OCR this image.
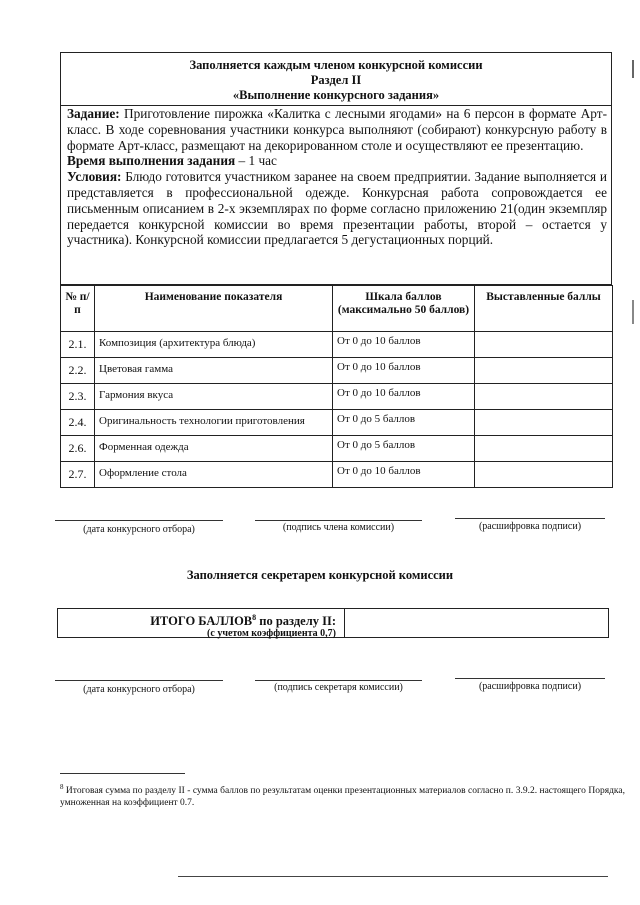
Заполняется каждым членом конкурсной комиссии
Раздел II
«Выполнение конкурсного задания»

Задание: Приготовление пирожка «Калитка с лесными ягодами» на 6 персон в формате Арт-класс. В ходе соревнования участники конкурса выполняют (собирают) конкурсную работу в формате Арт-класс, размещают на декорированном столе и осуществляют ее презентацию.

Время выполнения задания – 1 час

Условия: Блюдо готовится участником заранее на своем предприятии. Задание выполняется и представляется в профессиональной одежде. Конкурсная работа сопровождается ее письменным описанием в 2-х экземплярах по форме согласно приложению 21(один экземпляр передается конкурсной комиссии во время презентации работы, второй – остается у участника). Конкурсной комиссии предлагается 5 дегустационных порций.

№ п/п	Наименование показателя	Шкала баллов (максимально 50 баллов)	Выставленные баллы
2.1.	Композиция (архитектура блюда)	От 0 до 10 баллов	
2.2.	Цветовая гамма	От 0 до 10 баллов	
2.3.	Гармония вкуса	От 0 до 10 баллов	
2.4.	Оригинальность технологии приготовления	От 0 до 5 баллов	
2.6.	Форменная одежда	От 0 до 5 баллов	
2.7.	Оформление стола	От 0 до 10 баллов	
(дата конкурсного отбора)	(подпись члена комиссии)	(расшифровка подписи)
Заполняется секретарем конкурсной комиссии
ИТОГО БАЛЛОВ$^8$ по разделу II:
(с учетом коэффициента 0,7)
(дата конкурсного отбора)	(подпись секретаря комиссии)	(расшифровка подписи)
$^8$ Итоговая сумма по разделу II - сумма баллов по результатам оценки презентационных материалов согласно п. 3.9.2. настоящего Порядка, умноженная на коэффициент 0.7.
